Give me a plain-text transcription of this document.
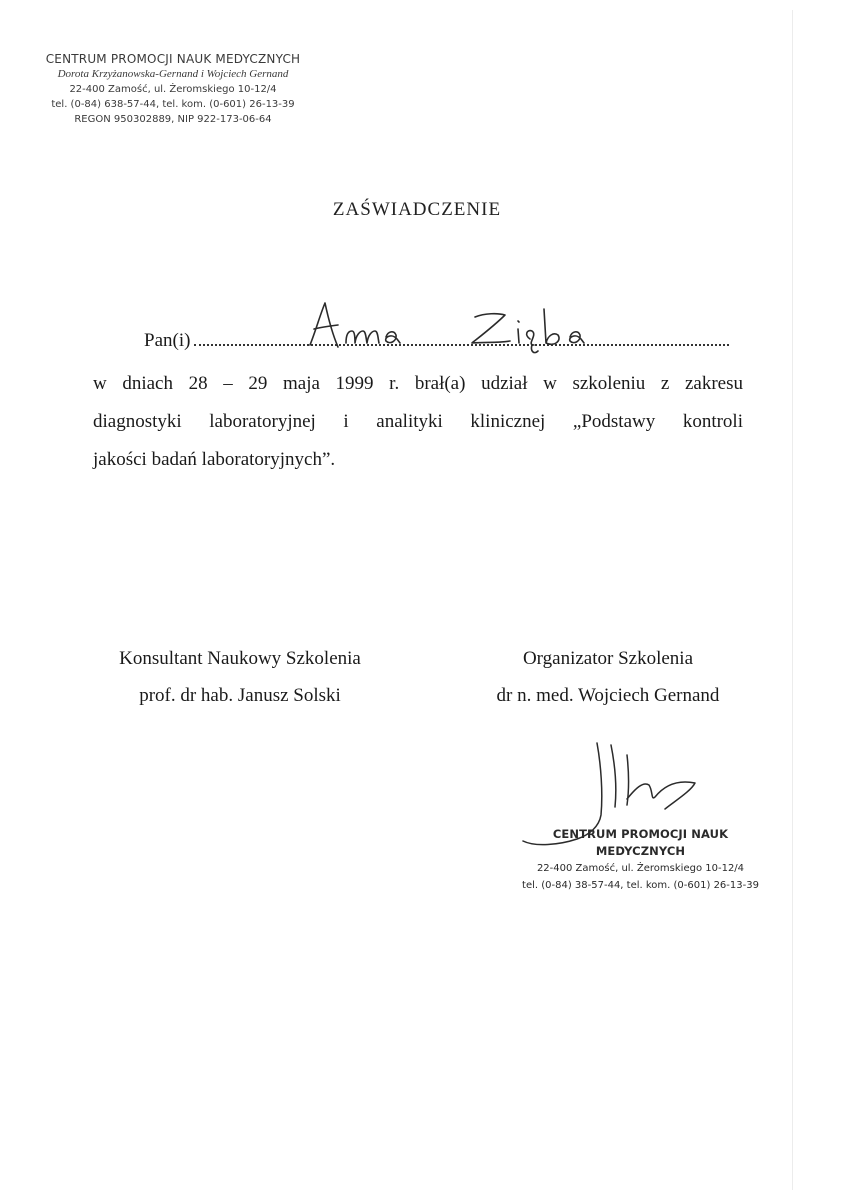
CENTRUM PROMOCJI NAUK MEDYCZNYCH
Dorota Krzyżanowska-Gernand i Wojciech Gernand
22-400 Zamość, ul. Żeromskiego 10-12/4
tel. (0-84) 638-57-44, tel. kom. (0-601) 26-13-39
REGON 950302889, NIP 922-173-06-64
ZAŚWIADCZENIE
Pan(i)
w dniach 28 – 29 maja 1999 r. brał(a) udział w szkoleniu z zakresu
diagnostyki laboratoryjnej i analityki klinicznej „Podstawy kontroli
jakości badań laboratoryjnych”.
Konsultant Naukowy Szkolenia
prof. dr hab. Janusz Solski
Organizator Szkolenia
dr n. med. Wojciech Gernand
CENTRUM PROMOCJI NAUK MEDYCZNYCH
22-400 Zamość, ul. Żeromskiego 10-12/4
tel. (0-84) 38-57-44, tel. kom. (0-601) 26-13-39
